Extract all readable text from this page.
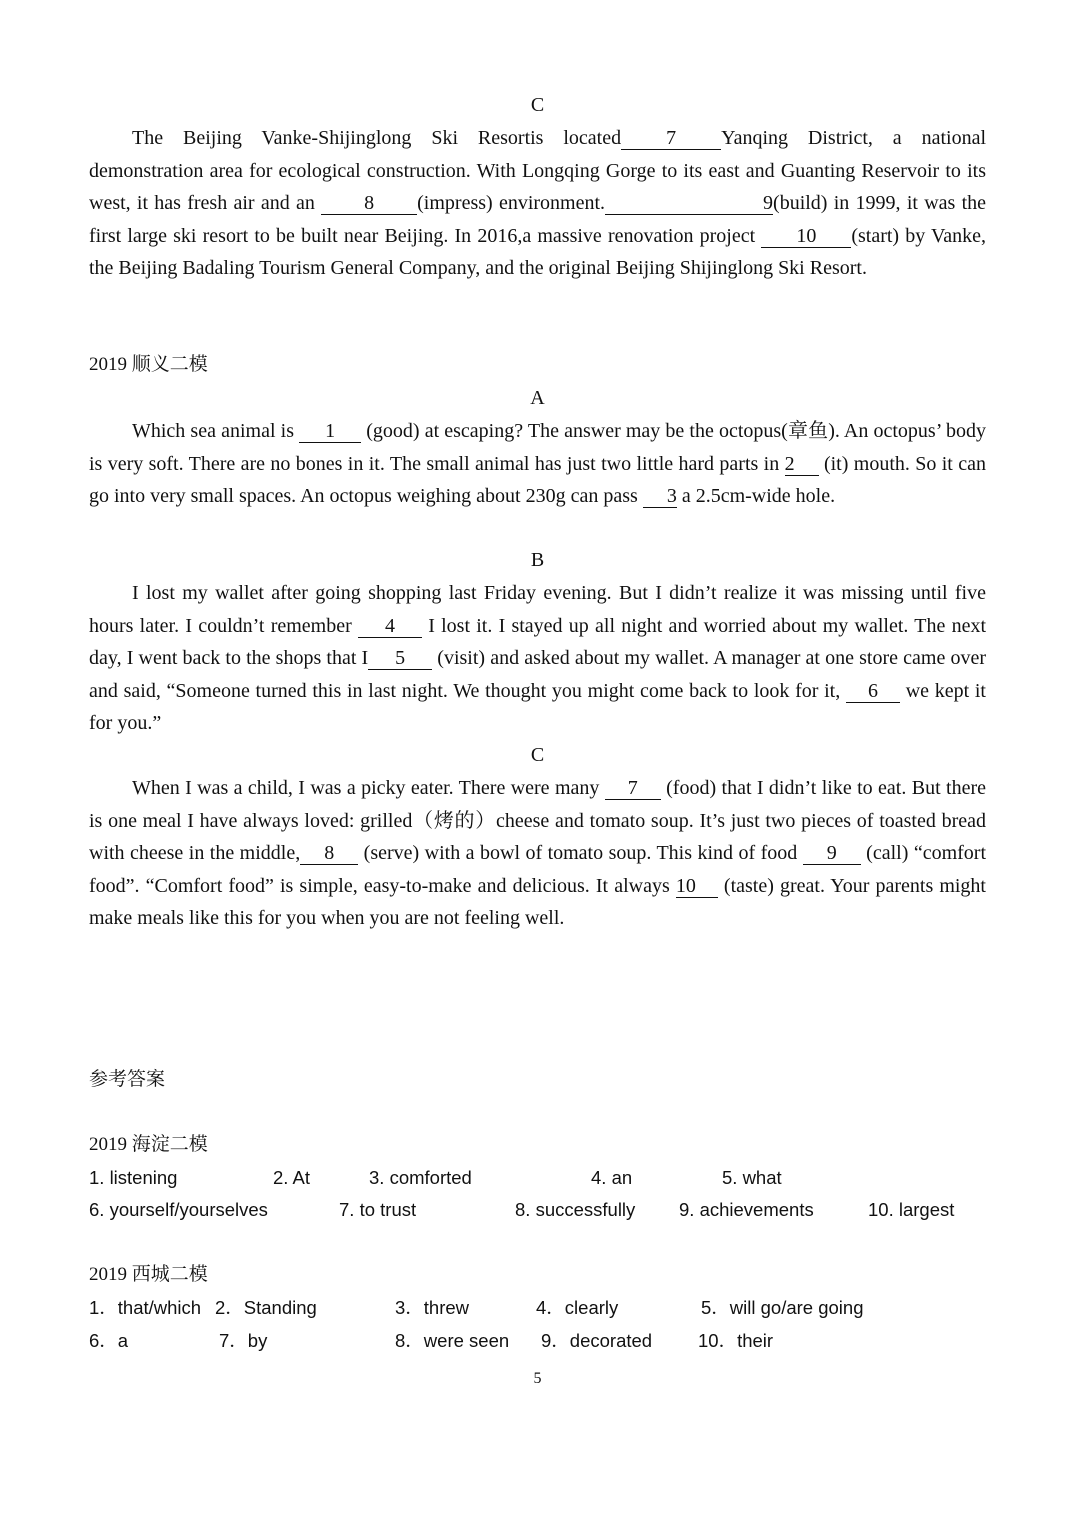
C

The Beijing Vanke-Shijinglong Ski Resortis located 7 Yanqing District, a national demonstration area for ecological construction. With Longqing Gorge to its east and Guanting Reservoir to its west, it has fresh air and an 8 (impress) environment.	9(build) in 1999, it was the first large ski resort to be built near Beijing. In 2016,a massive renovation project 10 (start) by Vanke, the Beijing Badaling Tourism General Company, and the original Beijing Shijinglong Ski Resort.

2019 顺义二模
A

Which sea animal is 1 (good) at escaping? The answer may be the octopus(章鱼). An octopus’ body is very soft. There are no bones in it. The small animal has just two little hard parts in 2 (it) mouth. So it can go into very small spaces. An octopus weighing about 230g can pass 3 a 2.5cm-wide hole.

B

I lost my wallet after going shopping last Friday evening. But I didn’t realize it was missing until five hours later. I couldn’t remember 4 I lost it. I stayed up all night and worried about my wallet. The next day, I went back to the shops that I 5 (visit) and asked about my wallet. A manager at one store came over and said, “Someone turned this in last night. We thought you might come back to look for it, 6 we kept it for you.”

C

When I was a child, I was a picky eater. There were many 7 (food) that I didn’t like to eat. But there is one meal I have always loved: grilled（烤的）cheese and tomato soup. It’s just two pieces of toasted bread with cheese in the middle, 8 (serve) with a bowl of tomato soup. This kind of food 9 (call) “comfort food”. “Comfort food” is simple, easy-to-make and delicious. It always 10 (taste) great. Your parents might make meals like this for you when you are not feeling well.

参考答案
2019 海淀二模
1. listening	2. At	3. comforted	4. an	5. what
6. yourself/yourselves	7. to trust	8. successfully 9. achievements	10. largest
2019 西城二模
1．that/which 2．Standing	3．threw	4．clearly	5．will go/are going
6．a	7．by	8．were seen 9．decorated 10．their
5
